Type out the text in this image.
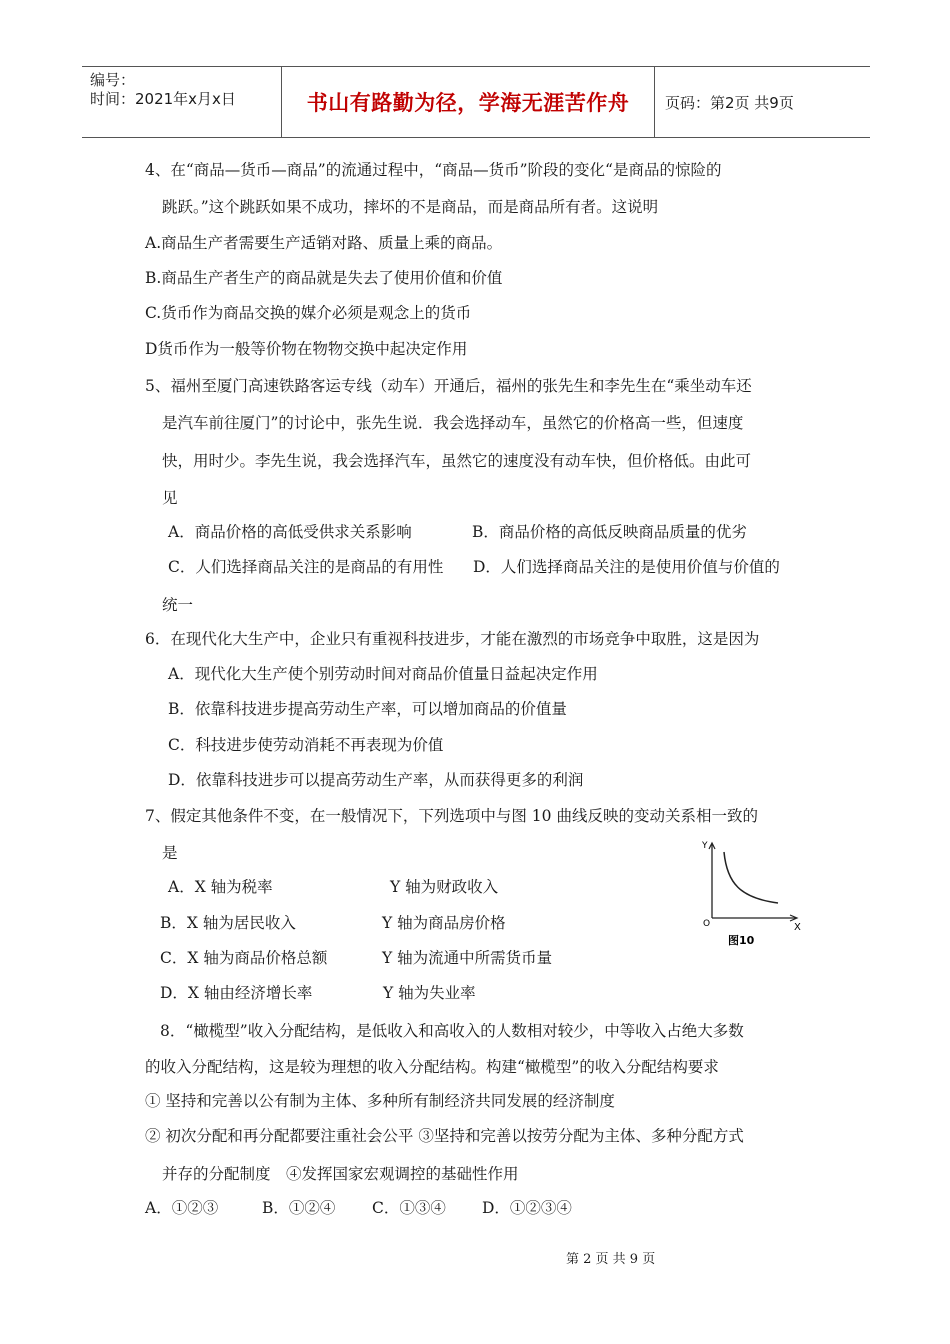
编号：
时间：2021年x月x日	书山有路勤为径，学海无涯苦作舟	页码：第2页 共9页
4、在“商品—货币—商品”的流通过程中，“商品—货币”阶段的变化“是商品的惊险的
跳跃。”这个跳跃如果不成功，摔坏的不是商品，而是商品所有者。这说明
A.商品生产者需要生产适销对路、质量上乘的商品。
B.商品生产者生产的商品就是失去了使用价值和价值
C.货币作为商品交换的媒介必须是观念上的货币
D货币作为一般等价物在物物交换中起决定作用
5、福州至厦门高速铁路客运专线（动车）开通后，福州的张先生和李先生在“乘坐动车还
是汽车前往厦门”的讨论中，张先生说．我会选择动车，虽然它的价格高一些，但速度
快，用时少。李先生说，我会选择汽车，虽然它的速度没有动车快，但价格低。由此可
见
A．商品价格的高低受供求关系影响	B．商品价格的高低反映商品质量的优劣
C．人们选择商品关注的是商品的有用性 D．人们选择商品关注的是使用价值与价值的
统一
6．在现代化大生产中，企业只有重视科技进步，才能在激烈的市场竞争中取胜，这是因为
A．现代化大生产使个别劳动时间对商品价值量日益起决定作用
B．依靠科技进步提高劳动生产率，可以增加商品的价值量
C．科技进步使劳动消耗不再表现为价值
D．依靠科技进步可以提高劳动生产率，从而获得更多的利润
7、假定其他条件不变，在一般情况下，下列选项中与图 10 曲线反映的变动关系相一致的
是
A．X 轴为税率	Y 轴为财政收入
B．X 轴为居民收入	Y 轴为商品房价格
C．X 轴为商品价格总额	Y 轴为流通中所需货币量
D．X 轴由经济增长率	Y 轴为失业率
Y
O	X
图10
8．“橄榄型”收入分配结构，是低收入和高收入的人数相对较少，中等收入占绝大多数
的收入分配结构，这是较为理想的收入分配结构。构建“橄榄型”的收入分配结构要求
① 坚持和完善以公有制为主体、多种所有制经济共同发展的经济制度
② 初次分配和再分配都要注重社会公平 ③坚持和完善以按劳分配为主体、多种分配方式
并存的分配制度　④发挥国家宏观调控的基础性作用
A．①②③	B．①②④ C．①③④ D．①②③④
第 2 页 共 9 页
